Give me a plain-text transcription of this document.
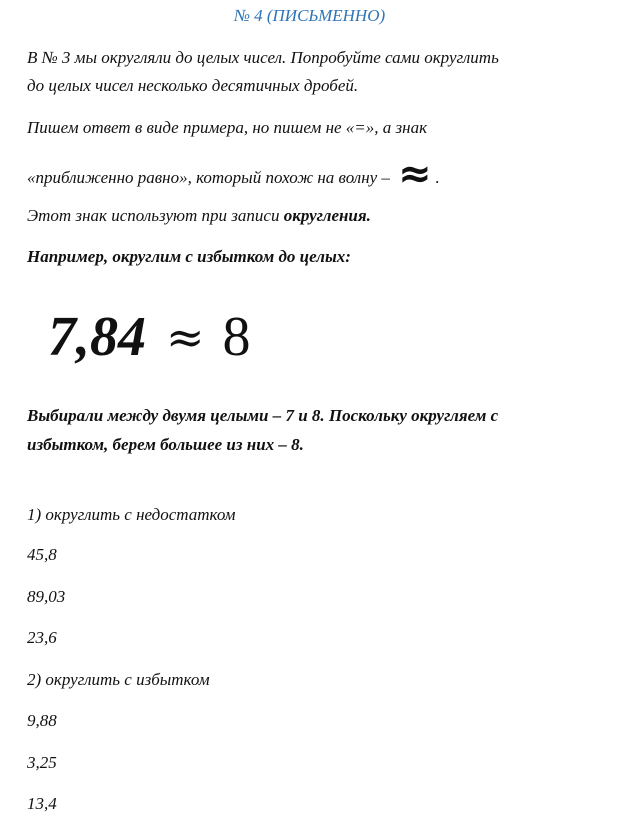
№ 4 (ПИСЬМЕННО)
В № 3 мы округляли до целых чисел. Попробуйте сами округлить
до целых чисел несколько десятичных дробей.
Пишем ответ в виде примера, но пишем не «=», а знак
«приближенно равно», который похож на волну – ≈ .
Этот знак используют при записи округления.
Например, округлим с избытком до целых:
7,84 ≈ 8
Выбирали между двумя целыми – 7 и 8. Поскольку округляем с
избытком, берем большее из них – 8.
1) округлить с недостатком
45,8
89,03
23,6
2) округлить с избытком
9,88
3,25
13,4
